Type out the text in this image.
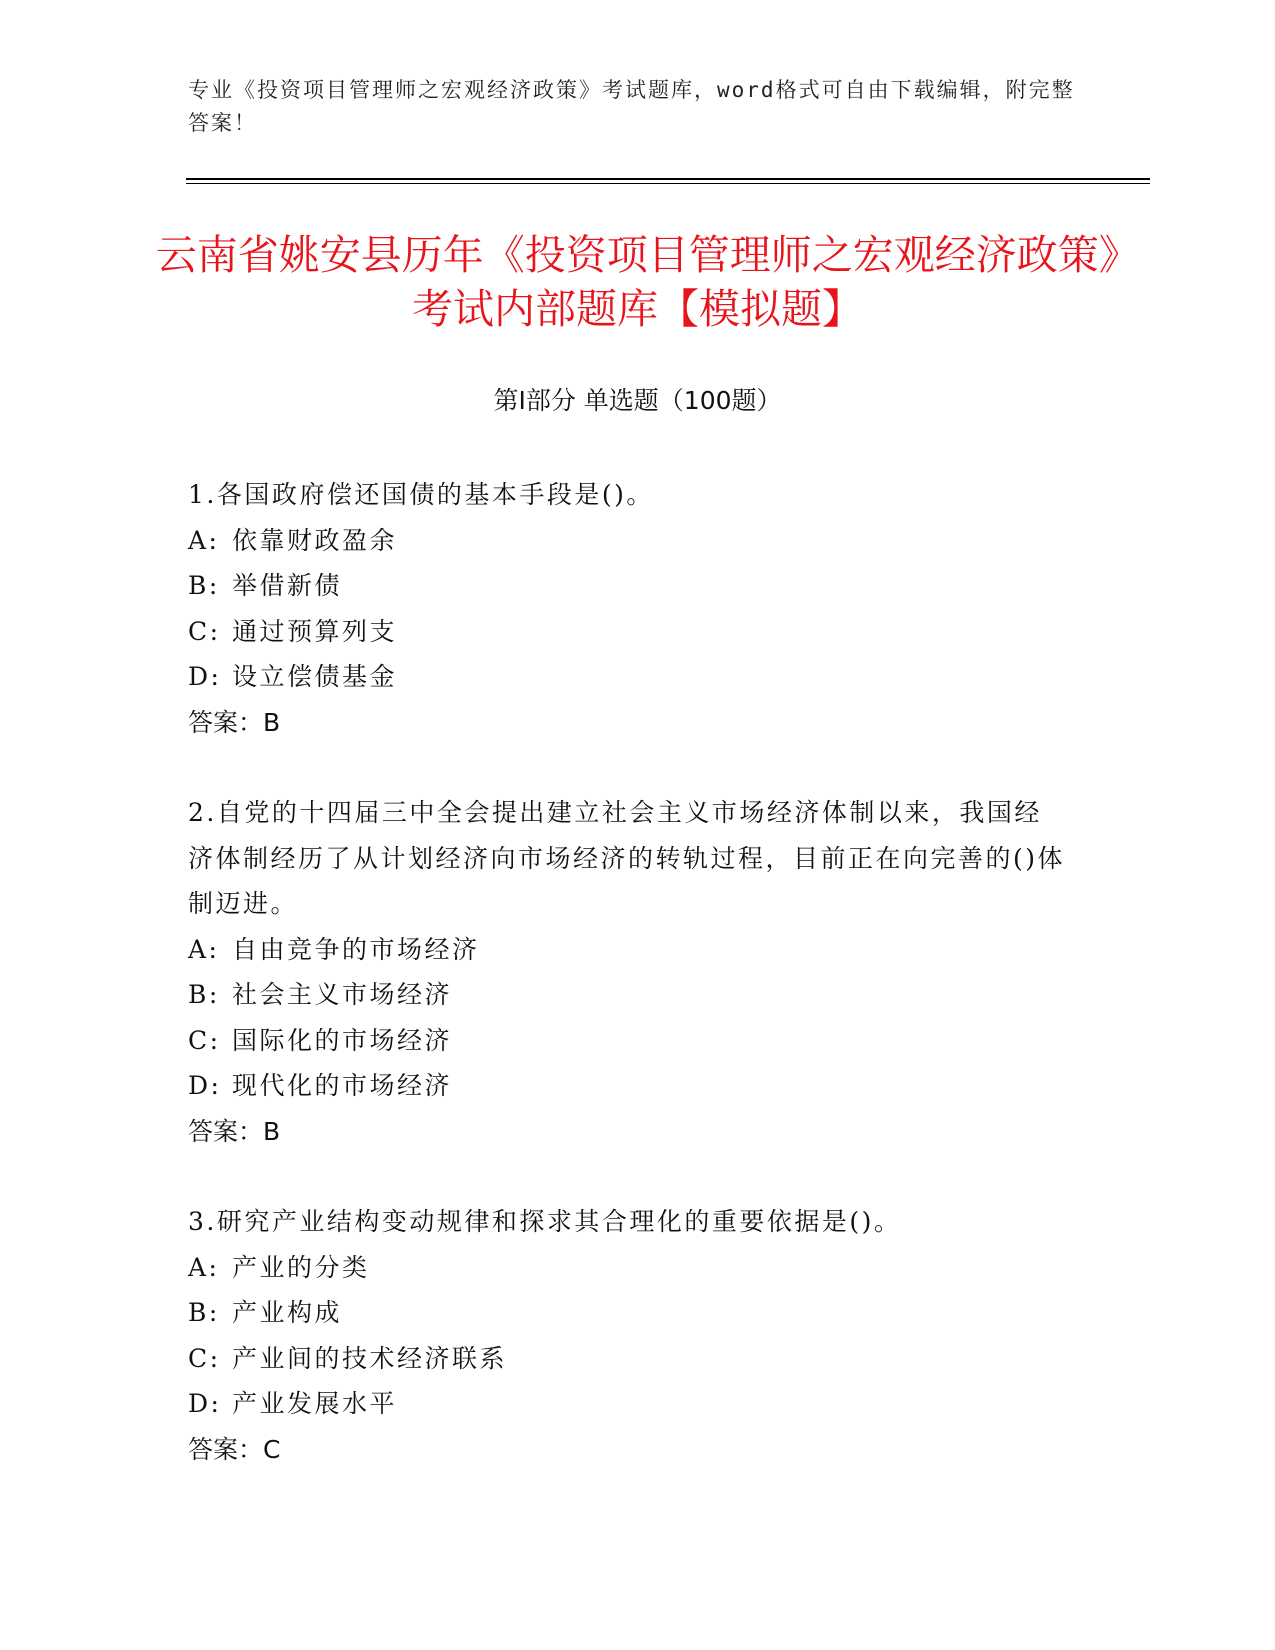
专业《投资项目管理师之宏观经济政策》考试题库，word格式可自由下载编辑，附完整答案！
云南省姚安县历年《投资项目管理师之宏观经济政策》考试内部题库【模拟题】
第Ⅰ部分 单选题（100题）

1.各国政府偿还国债的基本手段是()。

A: 依靠财政盈余

B: 举借新债

C: 通过预算列支

D: 设立偿债基金

答案：B

2.自党的十四届三中全会提出建立社会主义市场经济体制以来，我国经济体制经历了从计划经济向市场经济的转轨过程，目前正在向完善的()体制迈进。

A: 自由竞争的市场经济

B: 社会主义市场经济

C: 国际化的市场经济

D: 现代化的市场经济

答案：B

3.研究产业结构变动规律和探求其合理化的重要依据是()。

A: 产业的分类

B: 产业构成

C: 产业间的技术经济联系

D: 产业发展水平

答案：C
